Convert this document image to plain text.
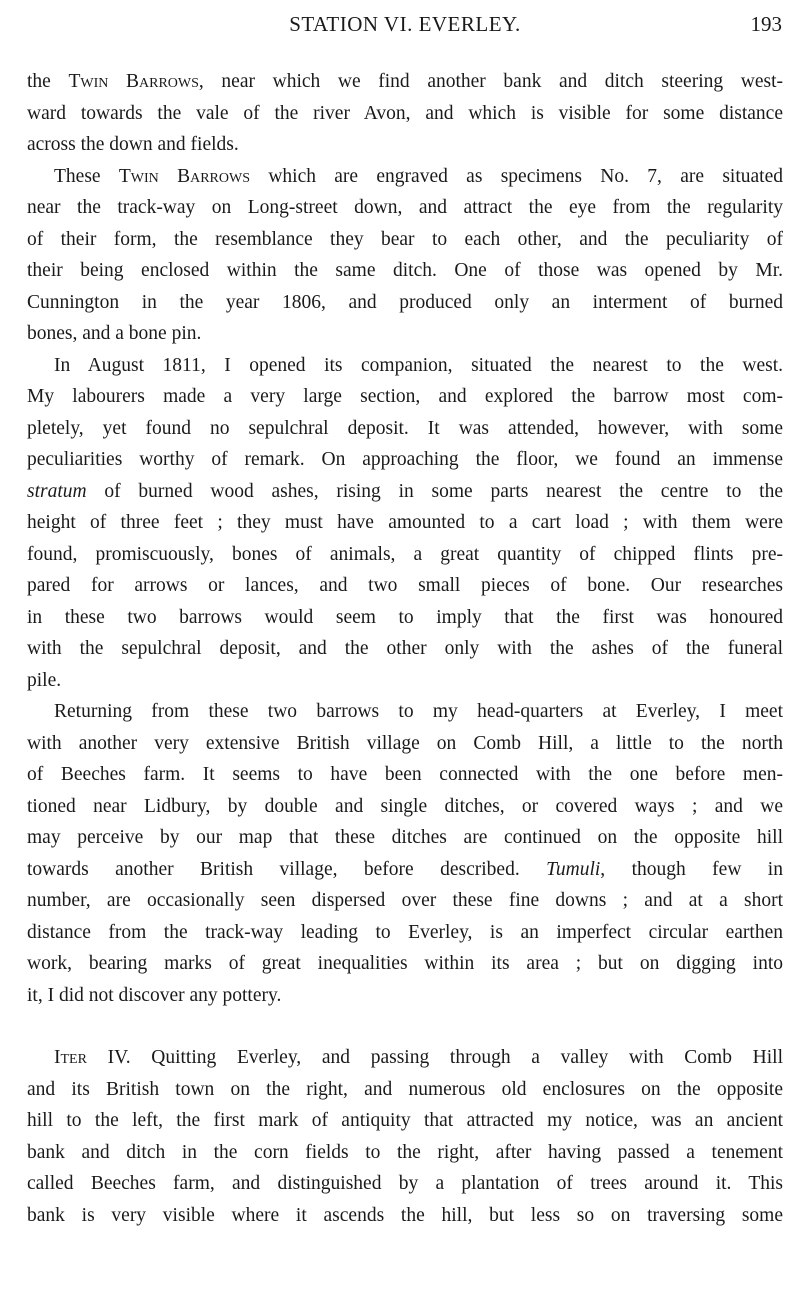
STATION VI. EVERLEY.	193
the Twin Barrows, near which we find another bank and ditch steering west-
ward towards the vale of the river Avon, and which is visible for some distance
across the down and fields.
These Twin Barrows which are engraved as specimens No. 7, are situated
near the track-way on Long-street down, and attract the eye from the regularity
of their form, the resemblance they bear to each other, and the peculiarity of
their being enclosed within the same ditch. One of those was opened by Mr.
Cunnington in the year 1806, and produced only an interment of burned
bones, and a bone pin.
In August 1811, I opened its companion, situated the nearest to the west.
My labourers made a very large section, and explored the barrow most com-
pletely, yet found no sepulchral deposit. It was attended, however, with some
peculiarities worthy of remark. On approaching the floor, we found an immense
stratum of burned wood ashes, rising in some parts nearest the centre to the
height of three feet ; they must have amounted to a cart load ; with them were
found, promiscuously, bones of animals, a great quantity of chipped flints pre-
pared for arrows or lances, and two small pieces of bone. Our researches
in these two barrows would seem to imply that the first was honoured
with the sepulchral deposit, and the other only with the ashes of the funeral
pile.
Returning from these two barrows to my head-quarters at Everley, I meet
with another very extensive British village on Comb Hill, a little to the north
of Beeches farm. It seems to have been connected with the one before men-
tioned near Lidbury, by double and single ditches, or covered ways ; and we
may perceive by our map that these ditches are continued on the opposite hill
towards another British village, before described. Tumuli, though few in
number, are occasionally seen dispersed over these fine downs ; and at a short
distance from the track-way leading to Everley, is an imperfect circular earthen
work, bearing marks of great inequalities within its area ; but on digging into
it, I did not discover any pottery.
Iter IV. Quitting Everley, and passing through a valley with Comb Hill
and its British town on the right, and numerous old enclosures on the opposite
hill to the left, the first mark of antiquity that attracted my notice, was an ancient
bank and ditch in the corn fields to the right, after having passed a tenement
called Beeches farm, and distinguished by a plantation of trees around it. This
bank is very visible where it ascends the hill, but less so on traversing some
